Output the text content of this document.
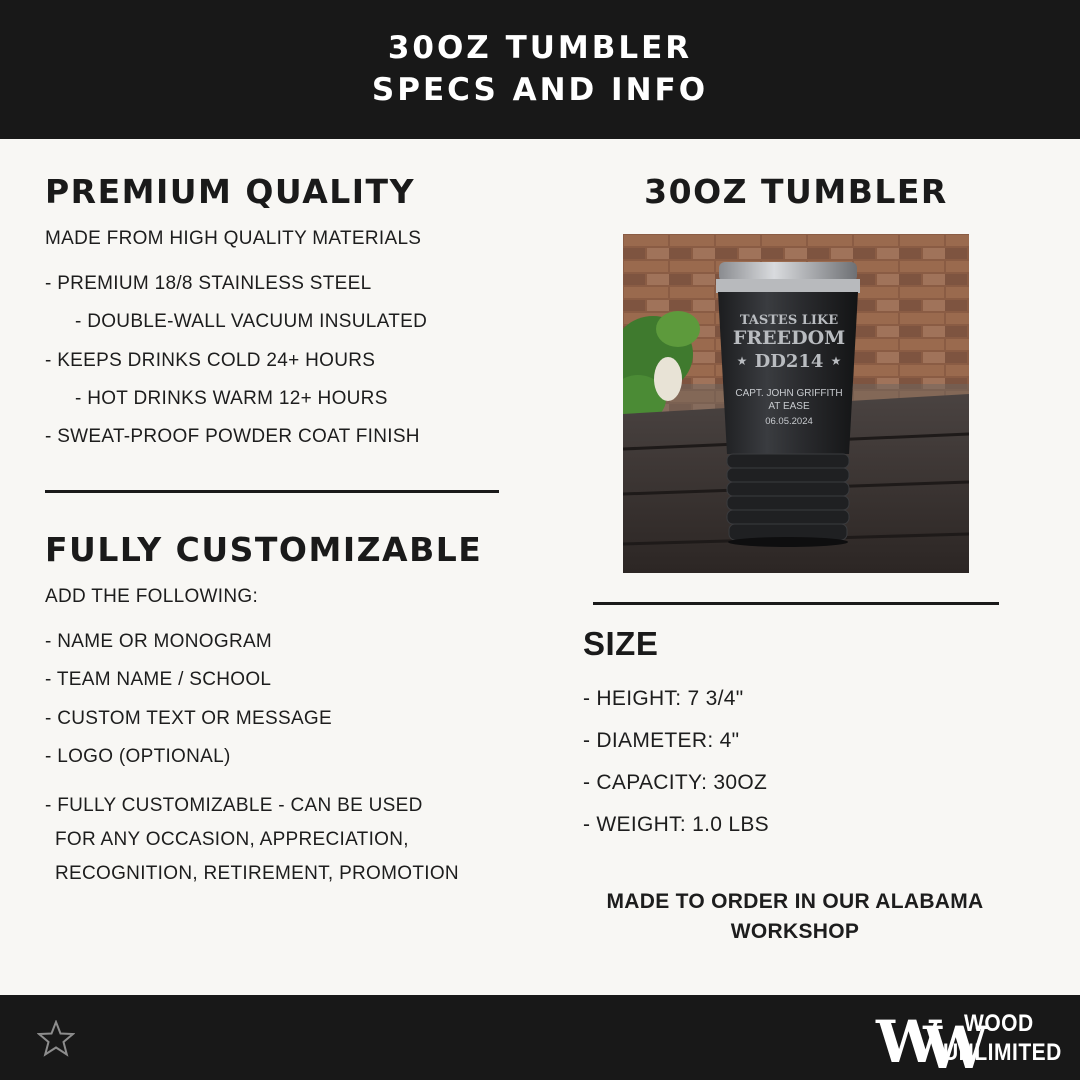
30OZ TUMBLER
SPECS AND INFO
PREMIUM QUALITY
MADE FROM HIGH QUALITY MATERIALS
- PREMIUM 18/8 STAINLESS STEEL
- DOUBLE-WALL VACUUM INSULATED
- KEEPS DRINKS COLD 24+ HOURS
- HOT DRINKS WARM 12+ HOURS
- SWEAT-PROOF POWDER COAT FINISH
FULLY CUSTOMIZABLE
ADD THE FOLLOWING:
- NAME OR MONOGRAM
- TEAM NAME / SCHOOL
- CUSTOM TEXT OR MESSAGE
- LOGO (OPTIONAL)
- FULLY CUSTOMIZABLE - CAN BE USED
FOR ANY OCCASION, APPRECIATION,
RECOGNITION, RETIREMENT, PROMOTION
30OZ TUMBLER
TASTES LIKE
FREEDOM
DD214
★	★
CAPT. JOHN GRIFFITH
AT EASE
06.05.2024
SIZE
- HEIGHT: 7 3/4"
- DIAMETER: 4"
- CAPACITY: 30OZ
- WEIGHT: 1.0 LBS
MADE TO ORDER IN OUR ALABAMA
WORKSHOP
WW
WOOD
UNLIMITED
